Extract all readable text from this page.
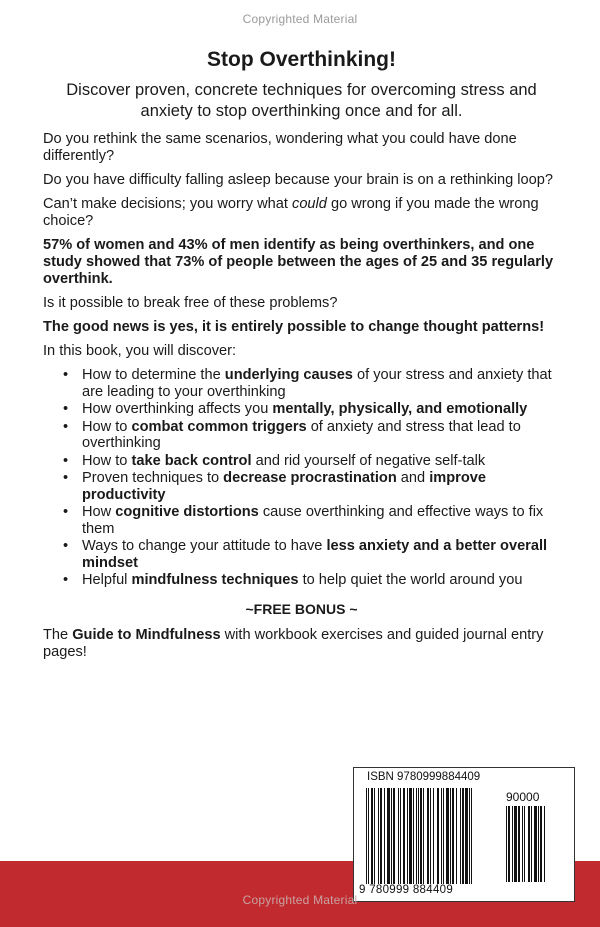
Copyrighted Material
Stop Overthinking!
Discover proven, concrete techniques for overcoming stress and anxiety to stop overthinking once and for all.

Do you rethink the same scenarios, wondering what you could have done differently?

Do you have difficulty falling asleep because your brain is on a rethinking loop?

Can’t make decisions; you worry what could go wrong if you made the wrong choice?

57% of women and 43% of men identify as being overthinkers, and one study showed that 73% of people between the ages of 25 and 35 regularly overthink.

Is it possible to break free of these problems?

The good news is yes, it is entirely possible to change thought patterns!

In this book, you will discover:

• How to determine the underlying causes of your stress and anxiety that are leading to your overthinking
• How overthinking affects you mentally, physically, and emotionally
• How to combat common triggers of anxiety and stress that lead to overthinking
• How to take back control and rid yourself of negative self-talk
• Proven techniques to decrease procrastination and improve productivity
• How cognitive distortions cause overthinking and effective ways to fix them
• Ways to change your attitude to have less anxiety and a better overall mindset
• Helpful mindfulness techniques to help quiet the world around you
~FREE BONUS ~

The Guide to Mindfulness with workbook exercises and guided journal entry pages!

ISBN 9780999884409
90000
9 780999 884409
Copyrighted Material
